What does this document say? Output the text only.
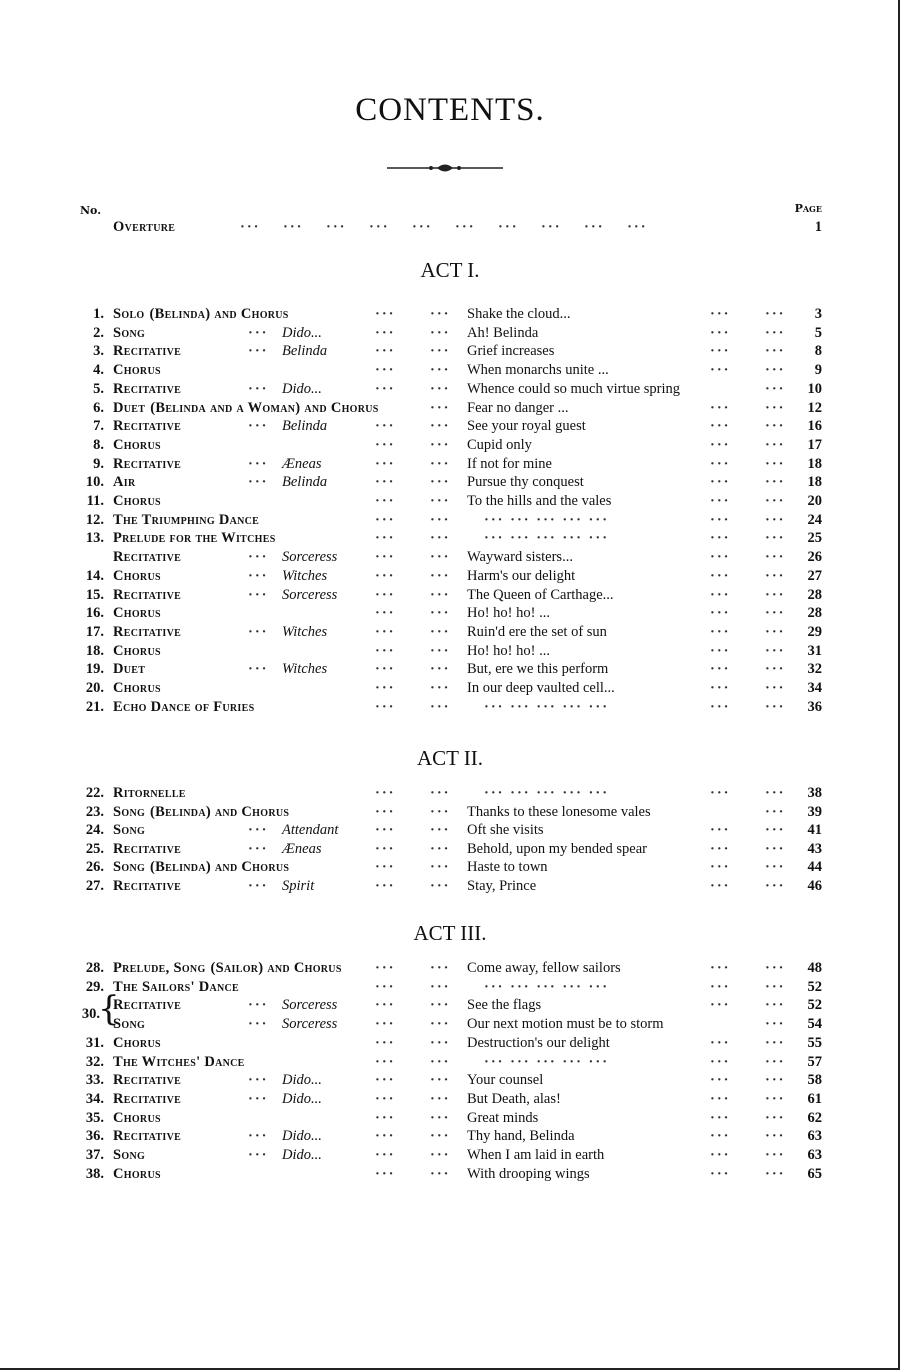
CONTENTS.
No.	Page
Overture	···    ···    ···    ···    ···    ···    ···    ···    ···    ···	1
ACT I.
1. Solo (Belinda) and Chorus	··· ··· Shake the cloud...	··· ···	3
2. Song	··· Dido...	··· ··· Ah! Belinda	··· ···	5
3. Recitative	··· Belinda	··· ··· Grief increases	··· ···	8
4. Chorus	··· ··· When monarchs unite ...	··· ···	9
5. Recitative	··· Dido...	··· ··· Whence could so much virtue spring	···	10
6. Duet (Belinda and a Woman) and Chorus	··· Fear no danger ...	··· ···	12
7. Recitative	··· Belinda	··· ··· See your royal guest	··· ···	16
8. Chorus	··· ··· Cupid only	··· ···	17
9. Recitative	··· Æneas	··· ··· If not for mine	··· ···	18
10. Air	··· Belinda	··· ··· Pursue thy conquest	··· ···	18
11. Chorus	··· ··· To the hills and the vales	··· ···	20
12. The Triumphing Dance	··· ··· ··· ··· ··· ··· ···	··· ···	24
13. Prelude for the Witches	··· ··· ··· ··· ··· ··· ···	··· ···	25
Recitative	··· Sorceress	··· ··· Wayward sisters...	··· ···	26
14. Chorus	··· Witches	··· ··· Harm's our delight	··· ···	27
15. Recitative	··· Sorceress	··· ··· The Queen of Carthage...	··· ···	28
16. Chorus	··· ··· Ho! ho! ho! ...	··· ···	28
17. Recitative	··· Witches	··· ··· Ruin'd ere the set of sun	··· ···	29
18. Chorus	··· ··· Ho! ho! ho! ...	··· ···	31
19. Duet	··· Witches	··· ··· But, ere we this perform	··· ···	32
20. Chorus	··· ··· In our deep vaulted cell...	··· ···	34
21. Echo Dance of Furies	··· ··· ··· ··· ··· ··· ···	··· ···	36
ACT II.
22. Ritornelle	··· ··· ··· ··· ··· ··· ···	··· ···	38
23. Song (Belinda) and Chorus	··· ··· Thanks to these lonesome vales	···	39
24. Song	··· Attendant	··· ··· Oft she visits	··· ···	41
25. Recitative	··· Æneas	··· ··· Behold, upon my bended spear	··· ···	43
26. Song (Belinda) and Chorus	··· ··· Haste to town	··· ···	44
27. Recitative	··· Spirit	··· ··· Stay, Prince	··· ···	46
ACT III.
28. Prelude, Song (Sailor) and Chorus ··· ··· Come away, fellow sailors	··· ···	48
29. The Sailors' Dance	··· ··· ··· ··· ··· ··· ···	··· ···	52
30.
Recitative	··· Sorceress	··· ··· See the flags	··· ···	52
Song	··· Sorceress	··· ··· Our next motion must be to storm	···	54
31. Chorus	··· ··· Destruction's our delight	··· ···	55
32. The Witches' Dance	··· ··· ··· ··· ··· ··· ···	··· ···	57
33. Recitative	··· Dido...	··· ··· Your counsel	··· ···	58
34. Recitative	··· Dido...	··· ··· But Death, alas!	··· ···	61
35. Chorus	··· ··· Great minds	··· ···	62
36. Recitative	··· Dido...	··· ··· Thy hand, Belinda	··· ···	63
37. Song	··· Dido...	··· ··· When I am laid in earth	··· ···	63
38. Chorus	··· ··· With drooping wings	··· ···	65
{
